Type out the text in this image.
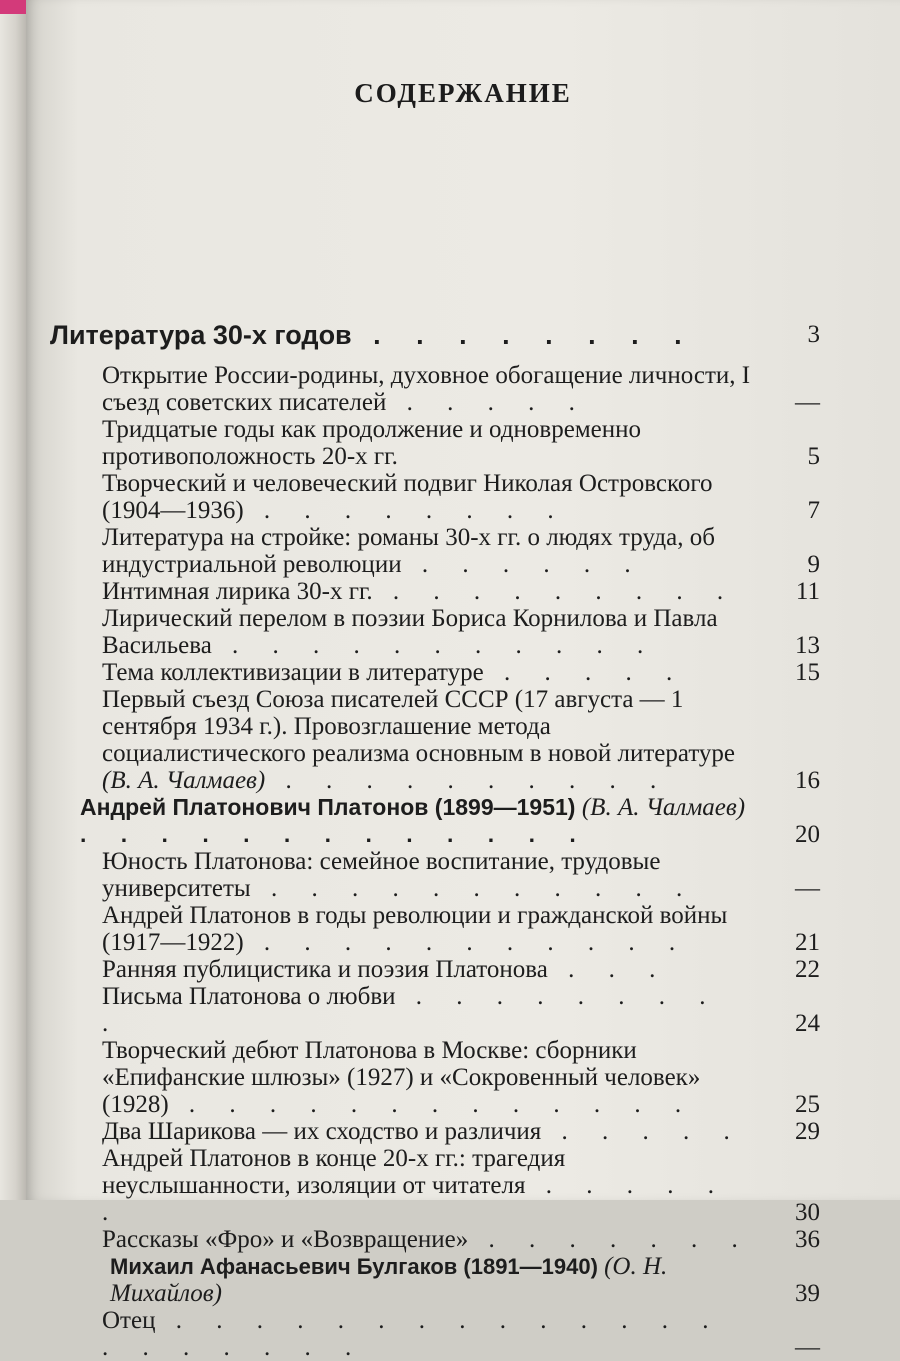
СОДЕРЖАНИЕ
Литература 30-х годов . . . . . . . .	3
Открытие России-родины, духовное обогащение личности, I съезд советских писателей . . . . .	—
Тридцатые годы как продолжение и одновременно противоположность 20-х гг.	5
Творческий и человеческий подвиг Николая Островского (1904—1936) . . . . . . . .	7
Литература на стройке: романы 30-х гг. о людях труда, об индустриальной революции . . . . . .	9
Интимная лирика 30-х гг. . . . . . . . . .	11
Лирический перелом в поэзии Бориса Корнилова и Павла Васильева . . . . . . . . . . .	13
Тема коллективизации в литературе . . . . .	15
Первый съезд Союза писателей СССР (17 августа — 1 сентября 1934 г.). Провозглашение метода социалистического реализма основным в новой литературе (В. А. Чалмаев) . . . . . . . . . .	16
Андрей Платонович Платонов (1899—1951) (В. А. Чалмаев) . . . . . . . . . . . . .	20
Юность Платонова: семейное воспитание, трудовые университеты . . . . . . . . . . .	—
Андрей Платонов в годы революции и гражданской войны (1917—1922) . . . . . . . . . . .	21
Ранняя публицистика и поэзия Платонова . . .	22
Письма Платонова о любви . . . . . . . . .	24
Творческий дебют Платонова в Москве: сборники «Епифанские шлюзы» (1927) и «Сокровенный человек» (1928) . . . . . . . . . . . . .	25
Два Шарикова — их сходство и различия . . . . .	29
Андрей Платонов в конце 20-х гг.: трагедия неуслышанности, изоляции от читателя . . . . . .	30
Рассказы «Фро» и «Возвращение» . . . . . . .	36
Михаил Афанасьевич Булгаков (1891—1940) (О. Н. Михайлов)	39
Отец . . . . . . . . . . . . . . . . . . . . .	—
